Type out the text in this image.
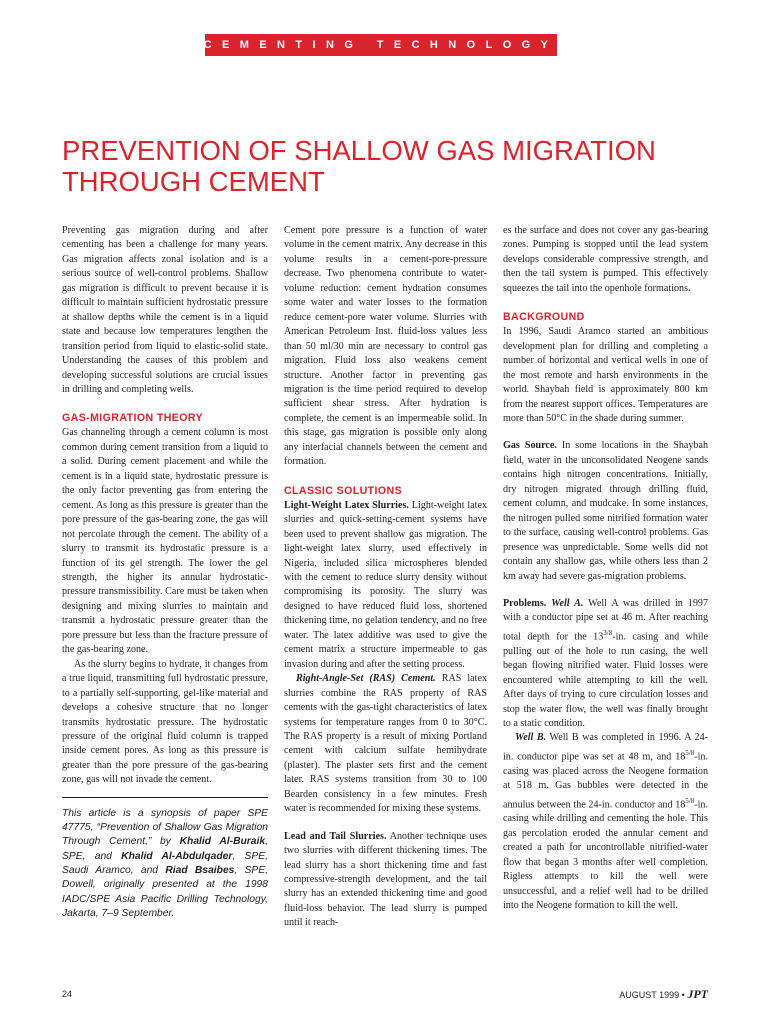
CEMENTING TECHNOLOGY
PREVENTION OF SHALLOW GAS MIGRATION THROUGH CEMENT

Preventing gas migration during and after cementing has been a challenge for many years. Gas migration affects zonal isolation and is a serious source of well-control problems. Shallow gas migration is difficult to prevent because it is difficult to maintain sufficient hydrostatic pressure at shallow depths while the cement is in a liquid state and because low temperatures lengthen the transition period from liquid to elastic-solid state. Understanding the causes of this problem and developing successful solutions are crucial issues in drilling and completing wells.

GAS-MIGRATION THEORY

Gas channeling through a cement column is most common during cement transition from a liquid to a solid. During cement placement and while the cement is in a liquid state, hydrostatic pressure is the only factor preventing gas from entering the cement. As long as this pressure is greater than the pore pressure of the gas-bearing zone, the gas will not percolate through the cement. The ability of a slurry to transmit its hydrostatic pressure is a function of its gel strength. The lower the gel strength, the higher its annular hydrostatic-pressure transmissibility. Care must be taken when designing and mixing slurries to maintain and transmit a hydrostatic pressure greater than the pore pressure but less than the fracture pressure of the gas-bearing zone.

As the slurry begins to hydrate, it changes from a true liquid, transmitting full hydrostatic pressure, to a partially self-supporting, gel-like material and develops a cohesive structure that no longer transmits hydrostatic pressure. The hydrostatic pressure of the original fluid column is trapped inside cement pores. As long as this pressure is greater than the pore pressure of the gas-bearing zone, gas will not invade the cement.

This article is a synopsis of paper SPE 47775, “Prevention of Shallow Gas Migration Through Cement,” by Khalid Al-Buraik, SPE, and Khalid Al-Abdulqader, SPE, Saudi Aramco, and Riad Bsaibes, SPE, Dowell, originally presented at the 1998 IADC/SPE Asia Pacific Drilling Technology, Jakarta, 7–9 September.

Cement pore pressure is a function of water volume in the cement matrix. Any decrease in this volume results in a cement-pore-pressure decrease. Two phenomena contribute to water-volume reduction: cement hydration consumes some water and water losses to the formation reduce cement-pore water volume. Slurries with American Petroleum Inst. fluid-loss values less than 50 ml/30 min are necessary to control gas migration. Fluid loss also weakens cement structure. Another factor in preventing gas migration is the time period required to develop sufficient shear stress. After hydration is complete, the cement is an impermeable solid. In this stage, gas migration is possible only along any interfacial channels between the cement and formation.

CLASSIC SOLUTIONS

Light-Weight Latex Slurries. Light-weight latex slurries and quick-setting-cement systems have been used to prevent shallow gas migration. The light-weight latex slurry, used effectively in Nigeria, included silica microspheres blended with the cement to reduce slurry density without compromising its porosity. The slurry was designed to have reduced fluid loss, shortened thickening time, no gelation tendency, and no free water. The latex additive was used to give the cement matrix a structure impermeable to gas invasion during and after the setting process.

Right-Angle-Set (RAS) Cement. RAS latex slurries combine the RAS property of RAS cements with the gas-tight characteristics of latex systems for temperature ranges from 0 to 30°C. The RAS property is a result of mixing Portland cement with calcium sulfate hemihydrate (plaster). The plaster sets first and the cement later. RAS systems transition from 30 to 100 Bearden consistency in a few minutes. Fresh water is recommended for mixing these systems.

Lead and Tail Slurries. Another technique uses two slurries with different thickening times. The lead slurry has a short thickening time and fast compressive-strength development, and the tail slurry has an extended thickening time and good fluid-loss behavior. The lead slurry is pumped until it reach-

es the surface and does not cover any gas-bearing zones. Pumping is stopped until the lead system develops considerable compressive strength, and then the tail system is pumped. This effectively squeezes the tail into the openhole formations.

BACKGROUND

In 1996, Saudi Aramco started an ambitious development plan for drilling and completing a number of horizontal and vertical wells in one of the most remote and harsh environments in the world. Shaybah field is approximately 800 km from the nearest support offices. Temperatures are more than 50°C in the shade during summer.

Gas Source. In some locations in the Shaybah field, water in the unconsolidated Neogene sands contains high nitrogen concentrations. Initially, dry nitrogen migrated through drilling fluid, cement column, and mudcake. In some instances, the nitrogen pulled some nitrified formation water to the surface, causing well-control problems. Gas presence was unpredictable. Some wells did not contain any shallow gas, while others less than 2 km away had severe gas-migration problems.

Problems. Well A. Well A was drilled in 1997 with a conductor pipe set at 46 m. After reaching total depth for the $13^{3/8}-in$. casing and while pulling out of the hole to run casing, the well began flowing nitrified water. Fluid losses were encountered while attempting to kill the well. After days of trying to cure circulation losses and stop the water flow, the well was finally brought to a static condition.

Well B. Well B was completed in 1996. A 24-in. conductor pipe was set at 48 m, and $18^{5/8}-in$. casing was placed across the Neogene formation at 518 m. Gas bubbles were detected in the annulus between the 24-in. conductor and $18^{5/8}-in$. casing while drilling and cementing the hole. This gas percolation eroded the annular cement and created a path for uncontrollable nitrified-water flow that began 3 months after well completion. Rigless attempts to kill the well were unsuccessful, and a relief well had to be drilled into the Neogene formation to kill the well.

24	AUGUST 1999 • JPT
